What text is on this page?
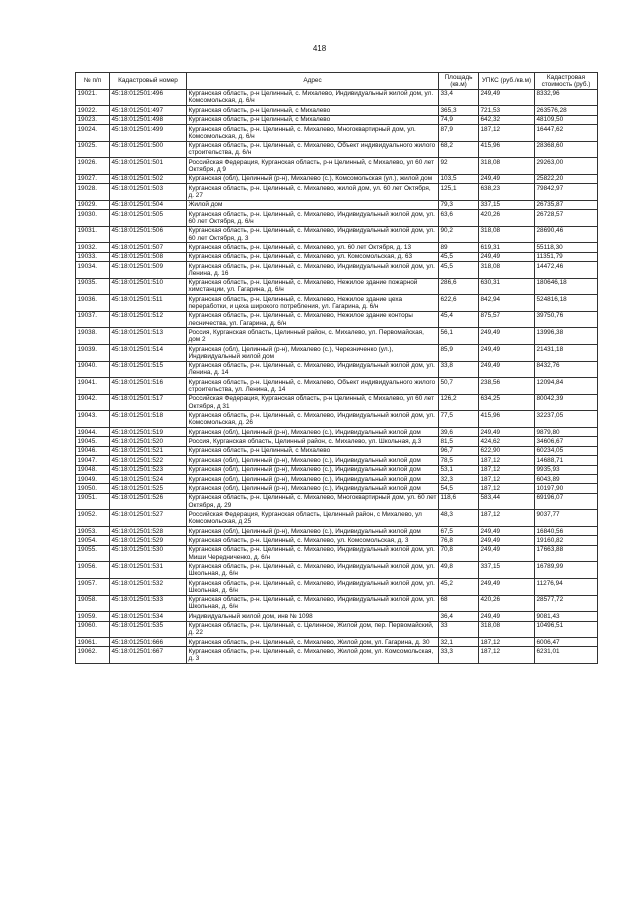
418
№ п/п	Кадастровый номер	Адрес	Площадь (кв.м)	УПКС (руб./кв.м)	Кадастровая стоимость (руб.)
19021.	45:18:012501:496	Курганская область, р-н Целинный, с. Михалево, Индивидуальный жилой дом, ул. Комсомольская, д. 6/н	33,4	249,49	8332,96
19022.	45:18:012501:497	Курганская область, р-н Целинный, с Михалево	365,3	721,53	263576,28
19023.	45:18:012501:498	Курганская область, р-н Целинный, с Михалево	74,9	642,32	48109,50
19024.	45:18:012501:499	Курганская область, р-н. Целинный, с. Михалево, Многоквартирный дом, ул. Комсомольская, д. 6/н	87,9	187,12	16447,62
19025.	45:18:012501:500	Курганская область, р-н. Целинный, с. Михалево, Объект индивидуального жилого строительства, д. 6/н	68,2	415,96	28368,60
19026.	45:18:012501:501	Российская Федерация, Курганская область, р-н Целинный, с Михалево, ул 60 лет Октября, д 9	92	318,08	29263,00
19027.	45:18:012501:502	Курганская (обл), Целинный (р-н), Михалево (с.), Комсомольская (ул.), жилой дом	103,5	249,49	25822,20
19028.	45:18:012501:503	Курганская область, р-н. Целинный, с. Михалево, жилой дом, ул. 60 лет Октября, д. 27	125,1	638,23	79842,97
19029.	45:18:012501:504	Жилой дом	79,3	337,15	26735,87
19030.	45:18:012501:505	Курганская область, р-н. Целинный, с. Михалево, Индивидуальный жилой дом, ул. 60 лет Октября, д. 6/н	63,6	420,26	26728,57
19031.	45:18:012501:506	Курганская область, р-н. Целинный, с. Михалево, Индивидуальный жилой дом, ул. 60 лет Октября, д. 3	90,2	318,08	28690,46
19032.	45:18:012501:507	Курганская область, р-н. Целинный, с. Михалево, ул. 60 лет Октября, д. 13	89	619,31	55118,30
19033.	45:18:012501:508	Курганская область, р-н. Целинный, с. Михалево, ул. Комсомольская, д. 63	45,5	249,49	11351,79
19034.	45:18:012501:509	Курганская область, р-н. Целинный, с. Михалево, Индивидуальный жилой дом, ул. Ленина, д. 16	45,5	318,08	14472,46
19035.	45:18:012501:510	Курганская область, р-н. Целинный, с. Михалево, Нежилое здание пожарной химстанции, ул. Гагарина, д. 6/н	286,6	630,31	180646,18
19036.	45:18:012501:511	Курганская область, р-н. Целинный, с. Михалево, Нежилое здание цеха переработки, и цеха широкого потребления, ул. Гагарина, д. 6/н	622,6	842,94	524816,18
19037.	45:18:012501:512	Курганская область, р-н. Целинный, с. Михалево, Нежилое здание конторы лесничества, ул. Гагарина, д. 6/н	45,4	875,57	39750,76
19038.	45:18:012501:513	Россия, Курганская область, Целинный район, с. Михалево, ул. Первомайская, дом 2	56,1	249,49	13996,38
19039.	45:18:012501:514	Курганская (обл), Целинный (р-н), Михалево (с.), Черезниченко (ул.), Индивидуальный жилой дом	85,9	249,49	21431,18
19040.	45:18:012501:515	Курганская область, р-н. Целинный, с. Михалево, Индивидуальный жилой дом, ул. Ленина, д. 14	33,8	249,49	8432,76
19041.	45:18:012501:516	Курганская область, р-н. Целинный, с. Михалево, Объект индивидуального жилого строительства, ул. Ленина, д. 14	50,7	238,56	12094,84
19042.	45:18:012501:517	Российская Федерация, Курганская область, р-н Целинный, с Михалево, ул 60 лет Октября, д 31	126,2	634,25	80042,39
19043.	45:18:012501:518	Курганская область, р-н. Целинный, с. Михалево, Индивидуальный жилой дом, ул. Комсомольская, д. 26	77,5	415,96	32237,05
19044.	45:18:012501:519	Курганская (обл), Целинный (р-н), Михалево (с.), Индивидуальный жилой дом	39,6	249,49	9879,80
19045.	45:18:012501:520	Россия, Курганская область, Целинный район, с. Михалево, ул. Школьная, д.3	81,5	424,62	34606,67
19046.	45:18:012501:521	Курганская область, р-н Целинный, с Михалево	96,7	622,90	60234,05
19047.	45:18:012501:522	Курганская (обл), Целинный (р-н), Михалево (с.), Индивидуальный жилой дом	78,5	187,12	14688,71
19048.	45:18:012501:523	Курганская (обл), Целинный (р-н), Михалево (с.), Индивидуальный жилой дом	53,1	187,12	9935,93
19049.	45:18:012501:524	Курганская (обл), Целинный (р-н), Михалево (с.), Индивидуальный жилой дом	32,3	187,12	6043,89
19050.	45:18:012501:525	Курганская (обл), Целинный (р-н), Михалево (с.), Индивидуальный жилой дом	54,5	187,12	10197,90
19051.	45:18:012501:526	Курганская область, р-н. Целинный, с. Михалево, Многоквартирный дом, ул. 60 лет Октября, д. 29	118,6	583,44	69196,07
19052.	45:18:012501:527	Российская Федерация, Курганская область, Целинный район, с Михалево, ул Комсомольская, д 25	48,3	187,12	9037,77
19053.	45:18:012501:528	Курганская (обл), Целинный (р-н), Михалево (с.), Индивидуальный жилой дом	67,5	249,49	16840,56
19054.	45:18:012501:529	Курганская область, р-н. Целинный, с. Михалево, ул. Комсомольская, д. 3	76,8	249,49	19160,82
19055.	45:18:012501:530	Курганская область, р-н. Целинный, с. Михалево, Индивидуальный жилой дом, ул. Миши Чередниченко, д. 6/н	70,8	249,49	17663,88
19056.	45:18:012501:531	Курганская область, р-н. Целинный, с. Михалево, Индивидуальный жилой дом, ул. Школьная, д. 6/н	49,8	337,15	16789,99
19057.	45:18:012501:532	Курганская область, р-н. Целинный, с. Михалево, Индивидуальный жилой дом, ул. Школьная, д. 6/н	45,2	249,49	11276,94
19058.	45:18:012501:533	Курганская область, р-н. Целинный, с. Михалево, Индивидуальный жилой дом, ул. Школьная, д. 6/н	68	420,26	28577,72
19059.	45:18:012501:534	Индивидуальный жилой дом, инв № 1098	36,4	249,49	9081,43
19060.	45:18:012501:535	Курганская область, р-н. Целинный, с. Целинное, Жилой дом, пер. Первомайский, д. 22	33	318,08	10496,51
19061.	45:18:012501:666	Курганская область, р-н. Целинный, с. Михалево, Жилой дом, ул. Гагарина, д. 30	32,1	187,12	6006,47
19062.	45:18:012501:667	Курганская область, р-н. Целинный, с. Михалево, Жилой дом, ул. Комсомольская, д. 3	33,3	187,12	6231,01
